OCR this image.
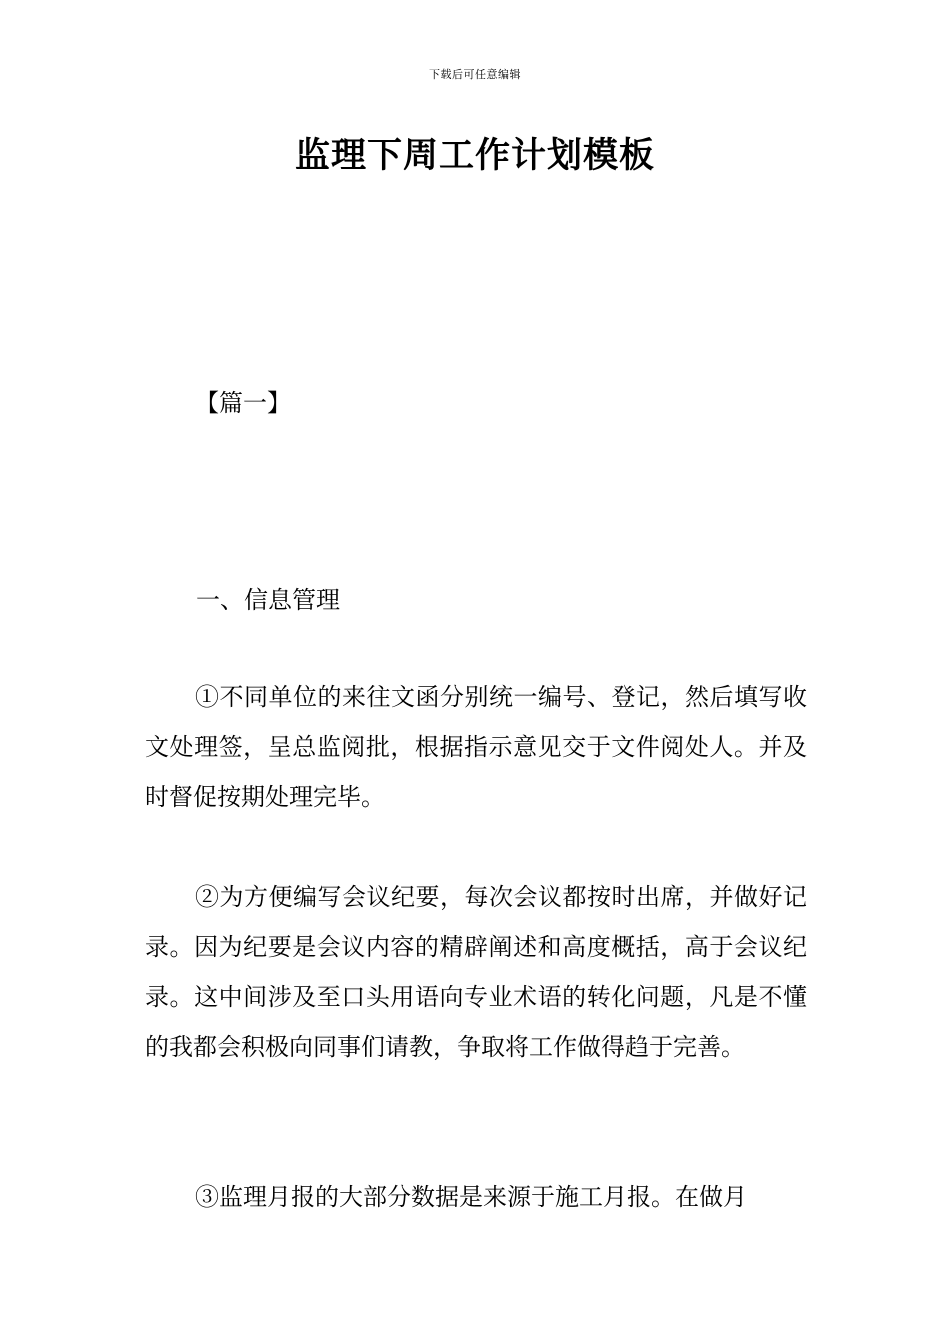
下载后可任意编辑
监理下周工作计划模板

【篇一】

一、信息管理

①不同单位的来往文函分别统一编号、登记，然后填写收文处理签，呈总监阅批，根据指示意见交于文件阅处人。并及时督促按期处理完毕。

②为方便编写会议纪要，每次会议都按时出席，并做好记录。因为纪要是会议内容的精辟阐述和高度概括，高于会议纪录。这中间涉及至口头用语向专业术语的转化问题，凡是不懂的我都会积极向同事们请教，争取将工作做得趋于完善。

③监理月报的大部分数据是来源于施工月报。在做月
